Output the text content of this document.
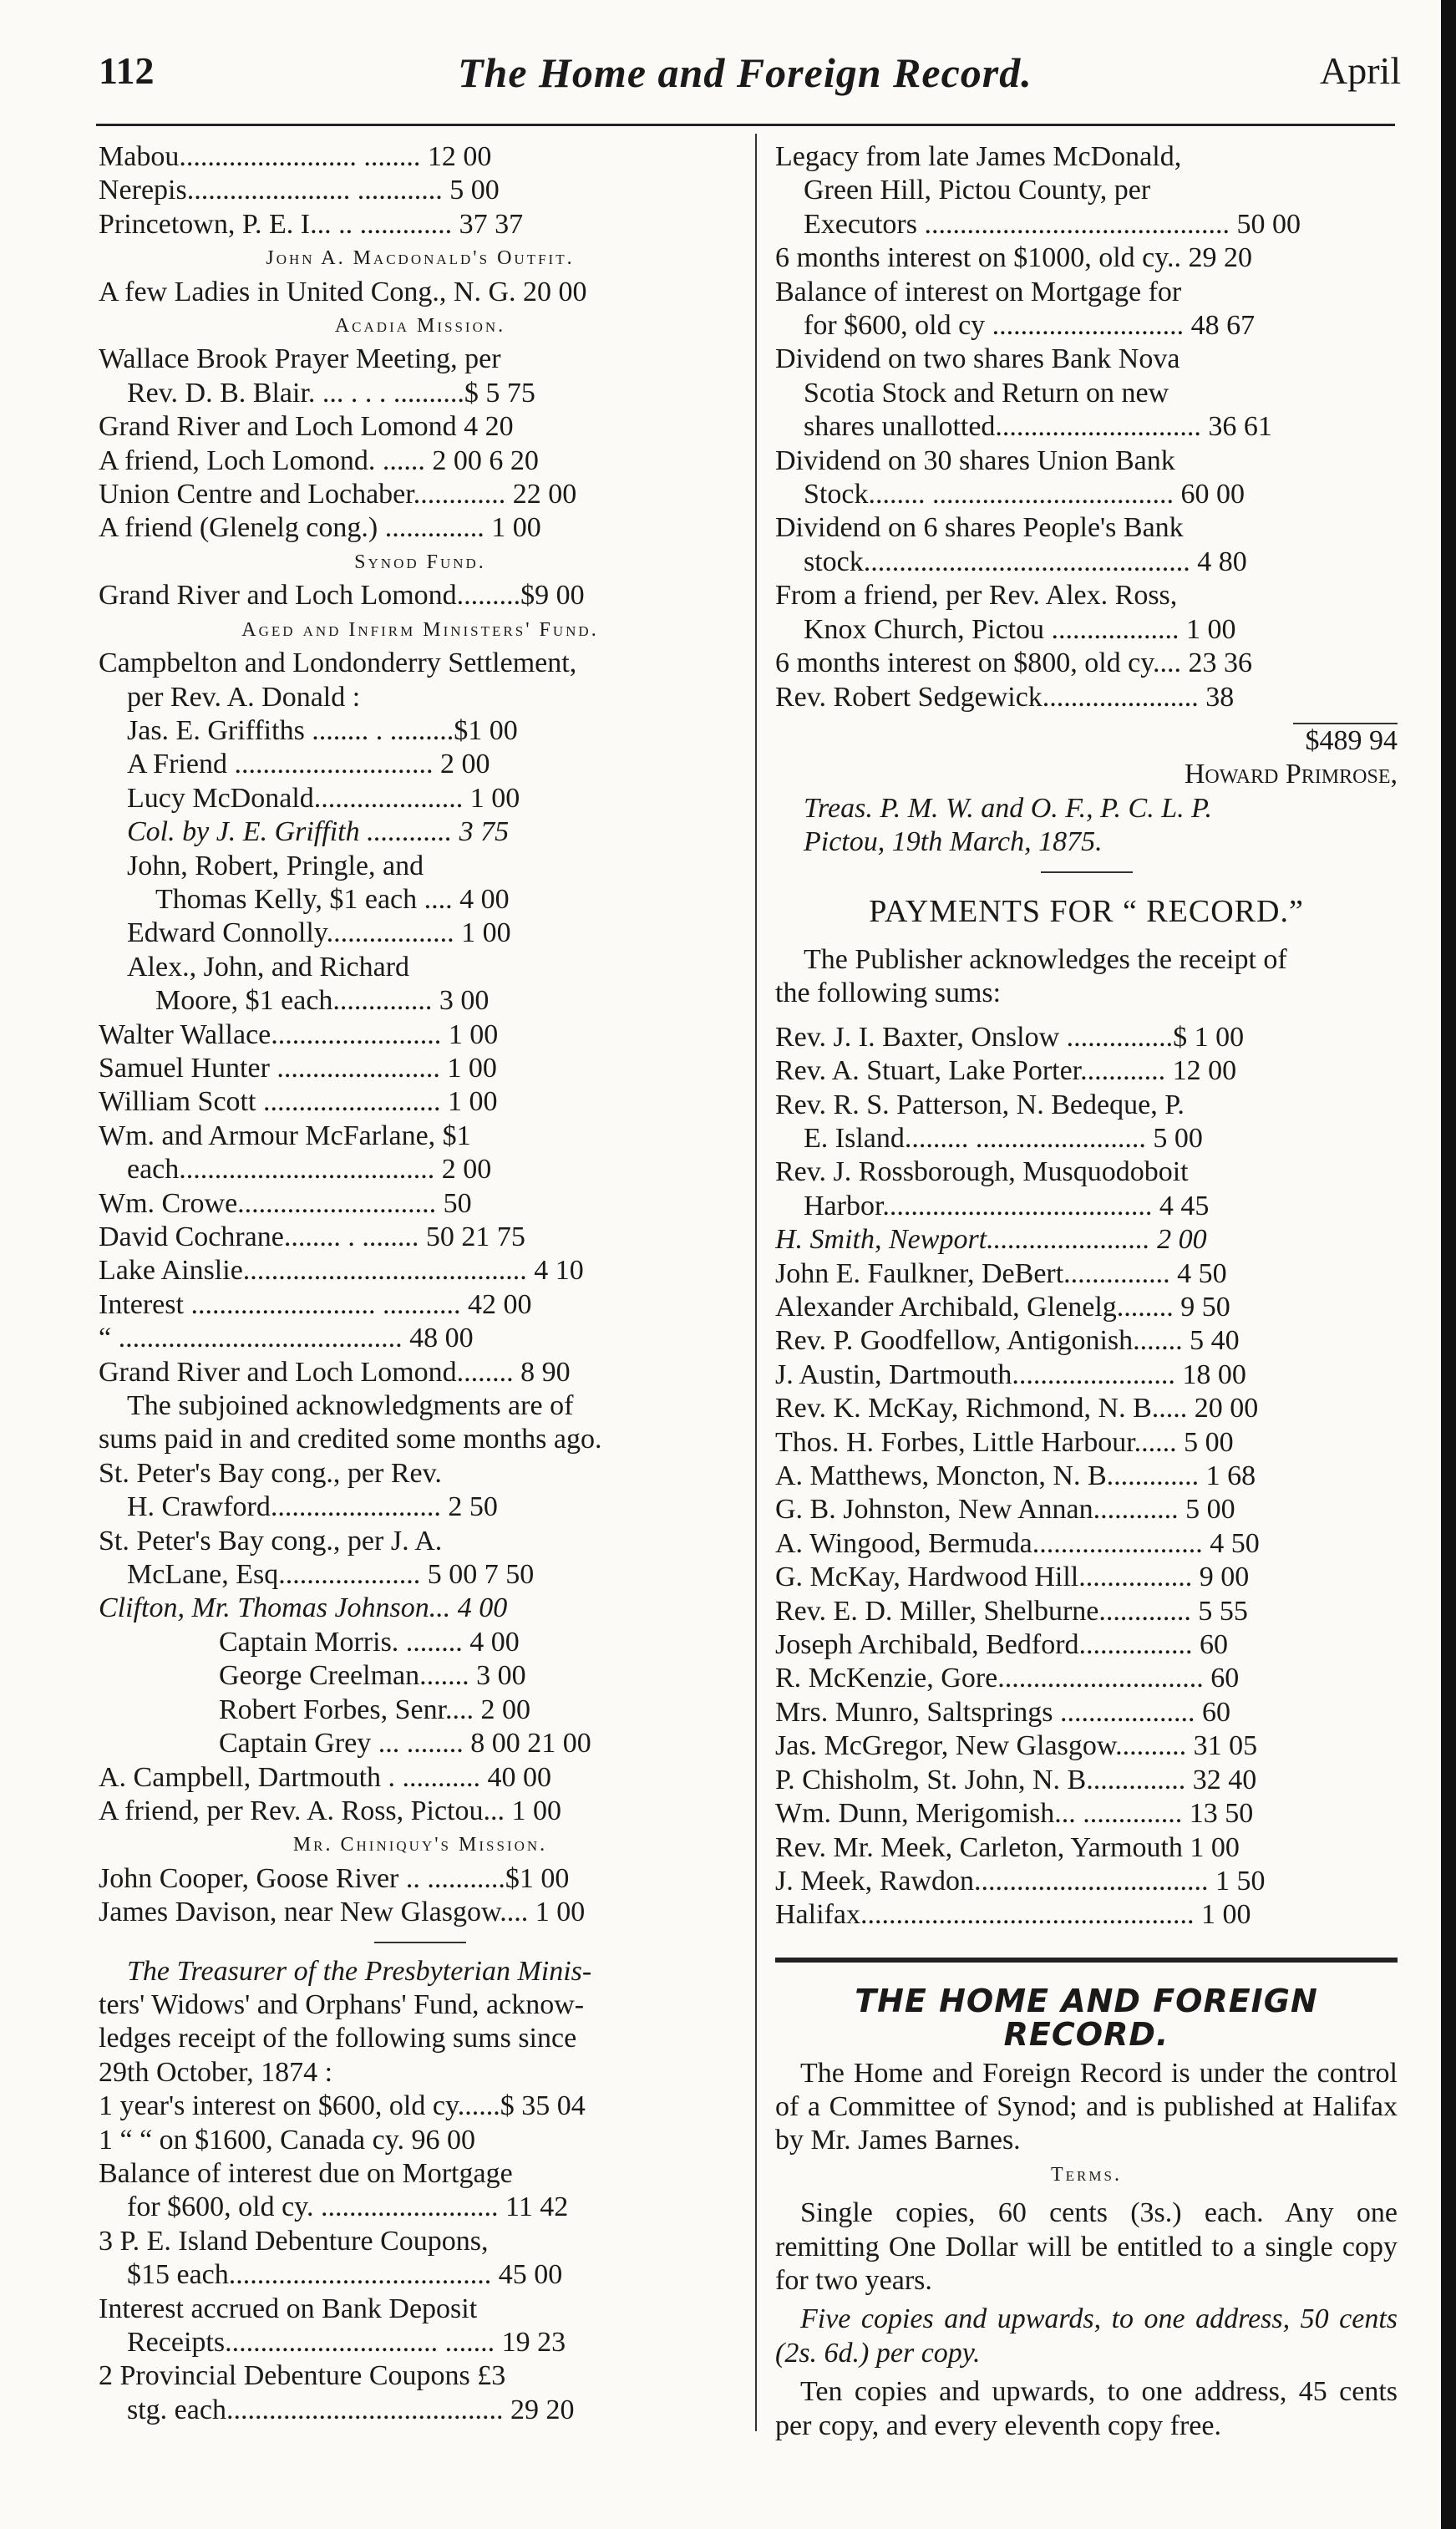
112	The Home and Foreign Record.	April
Mabou......................... ........ 12 00
Nerepis....................... ............ 5 00
Princetown, P. E. I... .. ............. 37 37
John A. Macdonald's Outfit.
A few Ladies in United Cong., N. G. 20 00
Acadia Mission.
Wallace Brook Prayer Meeting, per
Rev. D. B. Blair. ... . . . ..........$ 5 75
Grand River and Loch Lomond 4 20
A friend, Loch Lomond. ...... 2 00 6 20
Union Centre and Lochaber............. 22 00
A friend (Glenelg cong.) .............. 1 00
Synod Fund.
Grand River and Loch Lomond.........$9 00
Aged and Infirm Ministers' Fund.
Campbelton and Londonderry Settlement,
per Rev. A. Donald :
Jas. E. Griffiths ........ . .........$1 00
A Friend ............................ 2 00
Lucy McDonald..................... 1 00
Col. by J. E. Griffith ............ 3 75
John, Robert, Pringle, and
Thomas Kelly, $1 each .... 4 00
Edward Connolly.................. 1 00
Alex., John, and Richard
Moore, $1 each.............. 3 00
Walter Wallace........................ 1 00
Samuel Hunter ....................... 1 00
William Scott ......................... 1 00
Wm. and Armour McFarlane, $1
each.................................... 2 00
Wm. Crowe............................ 50
David Cochrane........ . ........ 50 21 75
Lake Ainslie........................................ 4 10
Interest .......................... ........... 42 00
“ ........................................ 48 00
Grand River and Loch Lomond........ 8 90
The subjoined acknowledgments are of
sums paid in and credited some months ago.
St. Peter's Bay cong., per Rev.
H. Crawford........................ 2 50
St. Peter's Bay cong., per J. A.
McLane, Esq.................... 5 00 7 50
Clifton, Mr. Thomas Johnson... 4 00
Captain Morris. ........ 4 00
George Creelman....... 3 00
Robert Forbes, Senr.... 2 00
Captain Grey ... ........ 8 00 21 00
A. Campbell, Dartmouth . ........... 40 00
A friend, per Rev. A. Ross, Pictou... 1 00
Mr. Chiniquy's Mission.
John Cooper, Goose River .. ...........$1 00
James Davison, near New Glasgow.... 1 00
The Treasurer of the Presbyterian Minis-
ters' Widows' and Orphans' Fund, acknow-
ledges receipt of the following sums since
29th October, 1874 :
1 year's interest on $600, old cy......$ 35 04
1 “ “ on $1600, Canada cy. 96 00
Balance of interest due on Mortgage
for $600, old cy. ......................... 11 42
3 P. E. Island Debenture Coupons,
$15 each..................................... 45 00
Interest accrued on Bank Deposit
Receipts.............................. ....... 19 23
2 Provincial Debenture Coupons £3
stg. each....................................... 29 20
Legacy from late James McDonald,
Green Hill, Pictou County, per
Executors ........................................... 50 00
6 months interest on $1000, old cy.. 29 20
Balance of interest on Mortgage for
for $600, old cy ........................... 48 67
Dividend on two shares Bank Nova
Scotia Stock and Return on new
shares unallotted............................. 36 61
Dividend on 30 shares Union Bank
Stock........ .................................. 60 00
Dividend on 6 shares People's Bank
stock.............................................. 4 80
From a friend, per Rev. Alex. Ross,
Knox Church, Pictou .................. 1 00
6 months interest on $800, old cy.... 23 36
Rev. Robert Sedgewick...................... 38
$489 94
Howard Primrose,
Treas. P. M. W. and O. F., P. C. L. P.
Pictou, 19th March, 1875.
PAYMENTS FOR “ RECORD.”
The Publisher acknowledges the receipt of
the following sums:
Rev. J. I. Baxter, Onslow ...............$ 1 00
Rev. A. Stuart, Lake Porter............ 12 00
Rev. R. S. Patterson, N. Bedeque, P.
E. Island......... ........................ 5 00
Rev. J. Rossborough, Musquodoboit
Harbor...................................... 4 45
H. Smith, Newport....................... 2 00
John E. Faulkner, DeBert............... 4 50
Alexander Archibald, Glenelg........ 9 50
Rev. P. Goodfellow, Antigonish....... 5 40
J. Austin, Dartmouth....................... 18 00
Rev. K. McKay, Richmond, N. B..... 20 00
Thos. H. Forbes, Little Harbour...... 5 00
A. Matthews, Moncton, N. B............. 1 68
G. B. Johnston, New Annan............ 5 00
A. Wingood, Bermuda........................ 4 50
G. McKay, Hardwood Hill................ 9 00
Rev. E. D. Miller, Shelburne............. 5 55
Joseph Archibald, Bedford................ 60
R. McKenzie, Gore............................. 60
Mrs. Munro, Saltsprings ................... 60
Jas. McGregor, New Glasgow.......... 31 05
P. Chisholm, St. John, N. B.............. 32 40
Wm. Dunn, Merigomish... .............. 13 50
Rev. Mr. Meek, Carleton, Yarmouth 1 00
J. Meek, Rawdon................................. 1 50
Halifax............................................... 1 00
THE HOME AND FOREIGN RECORD.
The Home and Foreign Record is under the control of a Committee of Synod; and is published at Halifax by Mr. James Barnes.
Terms.
Single copies, 60 cents (3s.) each. Any one remitting One Dollar will be entitled to a single copy for two years.
Five copies and upwards, to one address, 50 cents (2s. 6d.) per copy.
Ten copies and upwards, to one address, 45 cents per copy, and every eleventh copy free.
